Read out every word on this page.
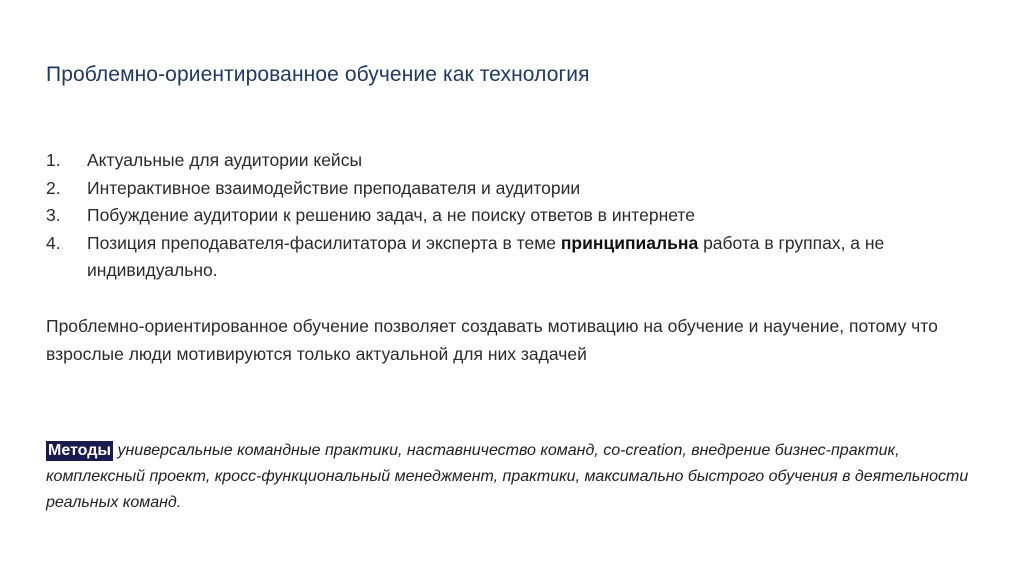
Проблемно-ориентированное обучение как технология
1.	Актуальные для аудитории кейсы
2.	Интерактивное взаимодействие преподавателя и аудитории
3.	Побуждение аудитории к решению задач, а не поиску ответов в интернете
4.	Позиция преподавателя-фасилитатора и эксперта в теме принципиальна работа в группах, а не индивидуально.

Проблемно-ориентированное обучение позволяет создавать мотивацию на обучение и научение, потому что взрослые люди мотивируются только актуальной для них задачей

Методы универсальные командные практики, наставничество команд, co-creation, внедрение бизнес-практик, комплексный проект, кросс-функциональный менеджмент, практики, максимально быстрого обучения в деятельности реальных команд.
